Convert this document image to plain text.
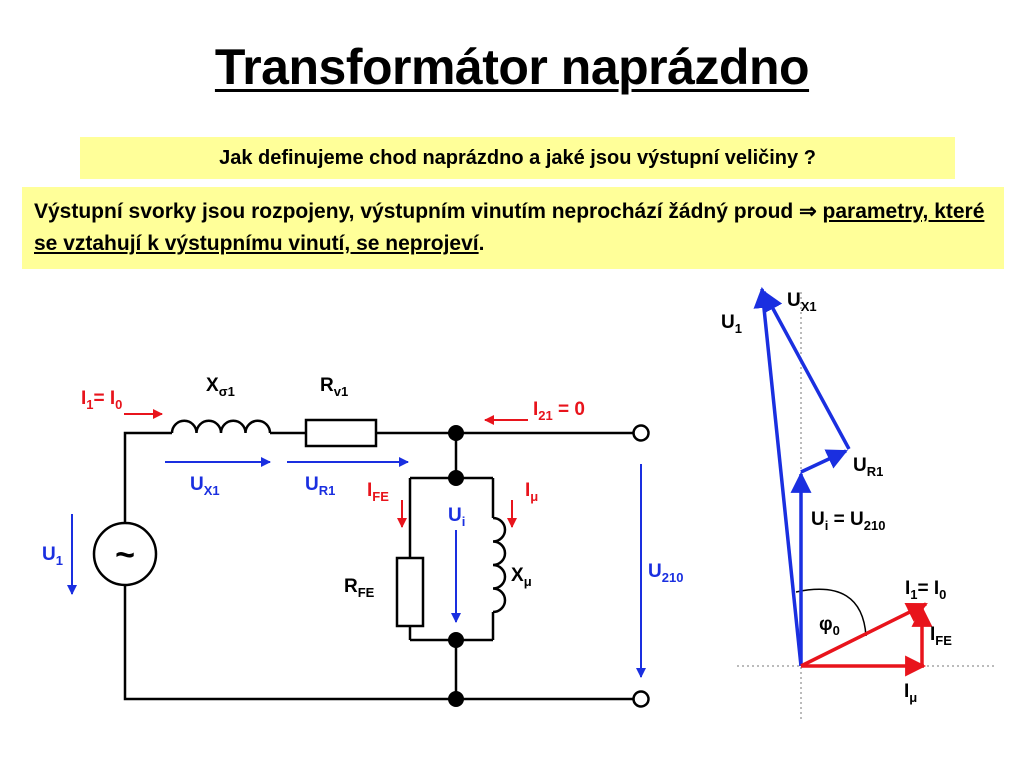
Transformátor naprázdno
Jak definujeme chod naprázdno a jaké jsou výstupní veličiny ?
Výstupní svorky jsou rozpojeny, výstupním vinutím neprochází žádný proud ⇒ parametry, které se vztahují k výstupnímu vinutí, se neprojeví.
~
$I_1= I_0$
$X_{\sigma 1}$	$R_{v1}$
$I_{21} = 0$
$U_{X1}$	$U_{R1}$ $I_{FE}$	$I_\mu$
$U_i$
$U_1$
$R_{FE}$
$X_\mu$	$U_{210}$
$U_1$
$U_{X1}$
$U_{R1}$
$U_i = U_{210}$
$I_1= I_0$
$\varphi_0$	$I_{FE}$
$I_\mu$
